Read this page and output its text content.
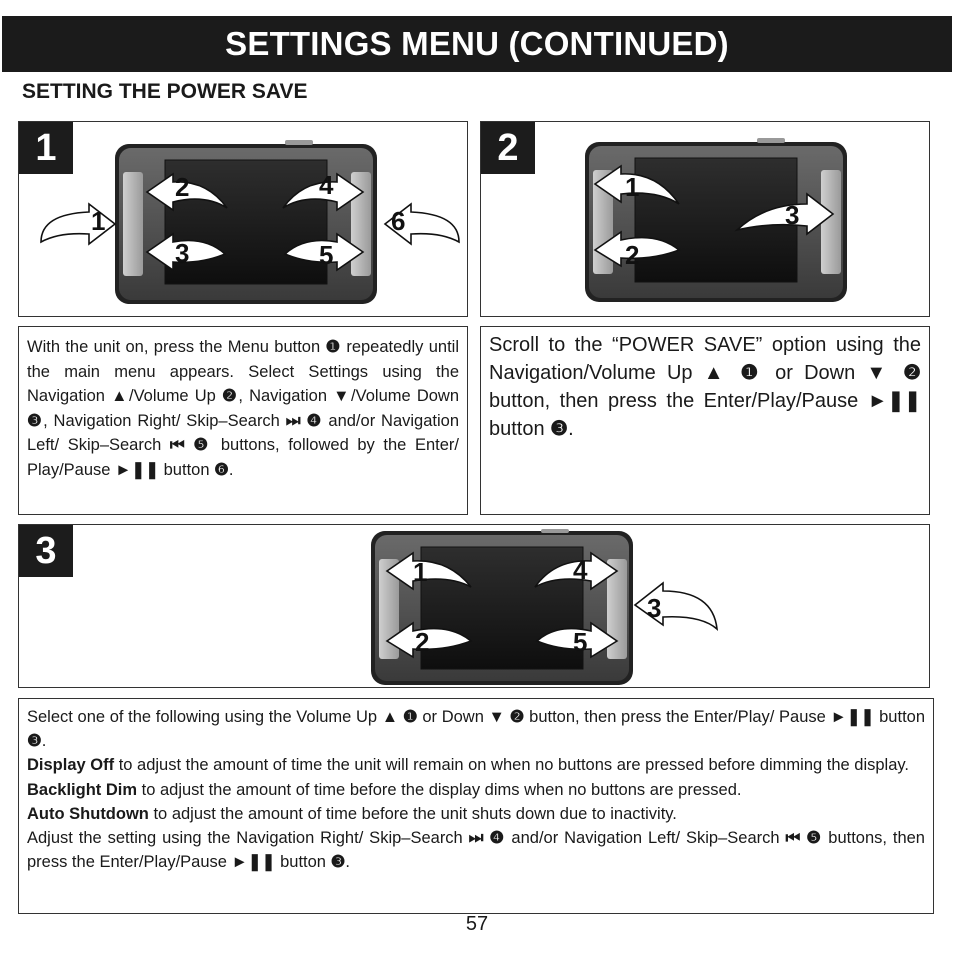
SETTINGS MENU (CONTINUED)
SETTING THE POWER SAVE
1
1
2
3
4
5
6
2
1
2
3
With the unit on, press the Menu button ❶ repeatedly until the main menu appears. Select Settings using the Navigation ▲/Volume Up ❷, Navigation ▼/Volume Down ❸, Navigation Right/ Skip–Search ⏭ ❹ and/or Navigation Left/ Skip–Search ⏮ ❺ buttons, followed by the Enter/ Play/Pause ►❚❚ button ❻.
Scroll to the “POWER SAVE” option using the Navigation/Volume Up ▲ ❶ or Down ▼ ❷ button, then press the Enter/Play/Pause ►❚❚ button ❸.
3
1
2
3
4
5

Select one of the following using the Volume Up ▲ ❶ or Down ▼ ❷ button, then press the Enter/Play/ Pause ►❚❚ button ❸.

Display Off to adjust the amount of time the unit will remain on when no buttons are pressed before dimming the display.

Backlight Dim to adjust the amount of time before the display dims when no buttons are pressed.

Auto Shutdown to adjust the amount of time before the unit shuts down due to inactivity.

Adjust the setting using the Navigation Right/ Skip–Search ⏭ ❹ and/or Navigation Left/ Skip–Search ⏮ ❺ buttons, then press the Enter/Play/Pause ►❚❚ button ❸.

57
